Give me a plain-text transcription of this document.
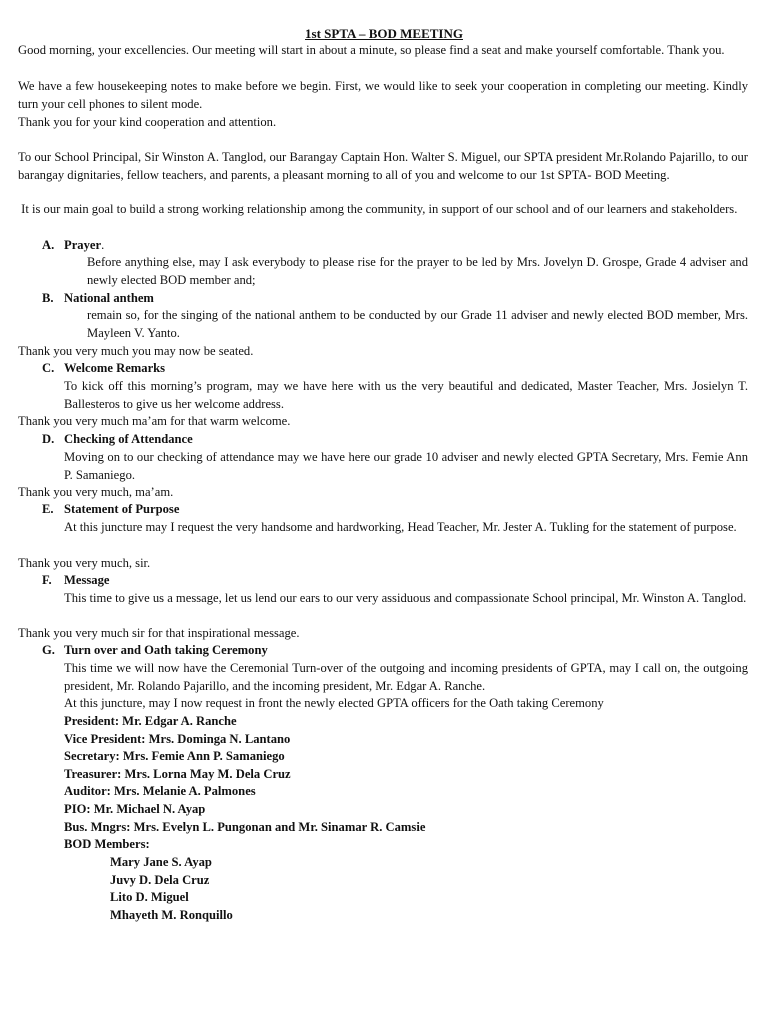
1st SPTA – BOD MEETING
Good morning, your excellencies. Our meeting will start in about a minute, so please find a seat and make yourself comfortable. Thank you.
We have a few housekeeping notes to make before we begin. First, we would like to seek your cooperation in completing our meeting. Kindly turn your cell phones to silent mode.
Thank you for your kind cooperation and attention.
To our School Principal, Sir Winston A. Tanglod, our Barangay Captain Hon. Walter S. Miguel, our SPTA president Mr.Rolando Pajarillo, to our barangay dignitaries, fellow teachers, and parents, a pleasant morning to all of you and welcome to our 1st SPTA- BOD Meeting.
It is our main goal to build a strong working relationship among the community, in support of our school and of our learners and stakeholders.
A. Prayer.
Before anything else, may I ask everybody to please rise for the prayer to be led by Mrs. Jovelyn D. Grospe, Grade 4 adviser and newly elected BOD member and;
B. National anthem
remain so, for the singing of the national anthem to be conducted by our Grade 11 adviser and newly elected BOD member, Mrs. Mayleen V. Yanto.
Thank you very much you may now be seated.
C. Welcome Remarks
To kick off this morning’s program, may we have here with us the very beautiful and dedicated, Master Teacher, Mrs. Josielyn T. Ballesteros to give us her welcome address.
Thank you very much ma’am for that warm welcome.
D. Checking of Attendance
Moving on to our checking of attendance may we have here our grade 10 adviser and newly elected GPTA Secretary, Mrs. Femie Ann P. Samaniego.
Thank you very much, ma’am.
E. Statement of Purpose
At this juncture may I request the very handsome and hardworking, Head Teacher, Mr. Jester A. Tukling for the statement of purpose.
Thank you very much, sir.
F. Message
This time to give us a message, let us lend our ears to our very assiduous and compassionate School principal, Mr. Winston A. Tanglod.
Thank you very much sir for that inspirational message.
G. Turn over and Oath taking Ceremony
This time we will now have the Ceremonial Turn-over of the outgoing and incoming presidents of GPTA, may I call on, the outgoing president, Mr. Rolando Pajarillo, and the incoming president, Mr. Edgar A. Ranche.
At this juncture, may I now request in front the newly elected GPTA officers for the Oath taking Ceremony
President: Mr. Edgar A. Ranche
Vice President: Mrs. Dominga N. Lantano
Secretary: Mrs. Femie Ann P. Samaniego
Treasurer: Mrs. Lorna May M. Dela Cruz
Auditor: Mrs. Melanie A. Palmones
PIO: Mr. Michael N. Ayap
Bus. Mngrs: Mrs. Evelyn L. Pungonan and Mr. Sinamar R. Camsie
BOD Members:
Mary Jane S. Ayap
Juvy D. Dela Cruz
Lito D. Miguel
Mhayeth M. Ronquillo
